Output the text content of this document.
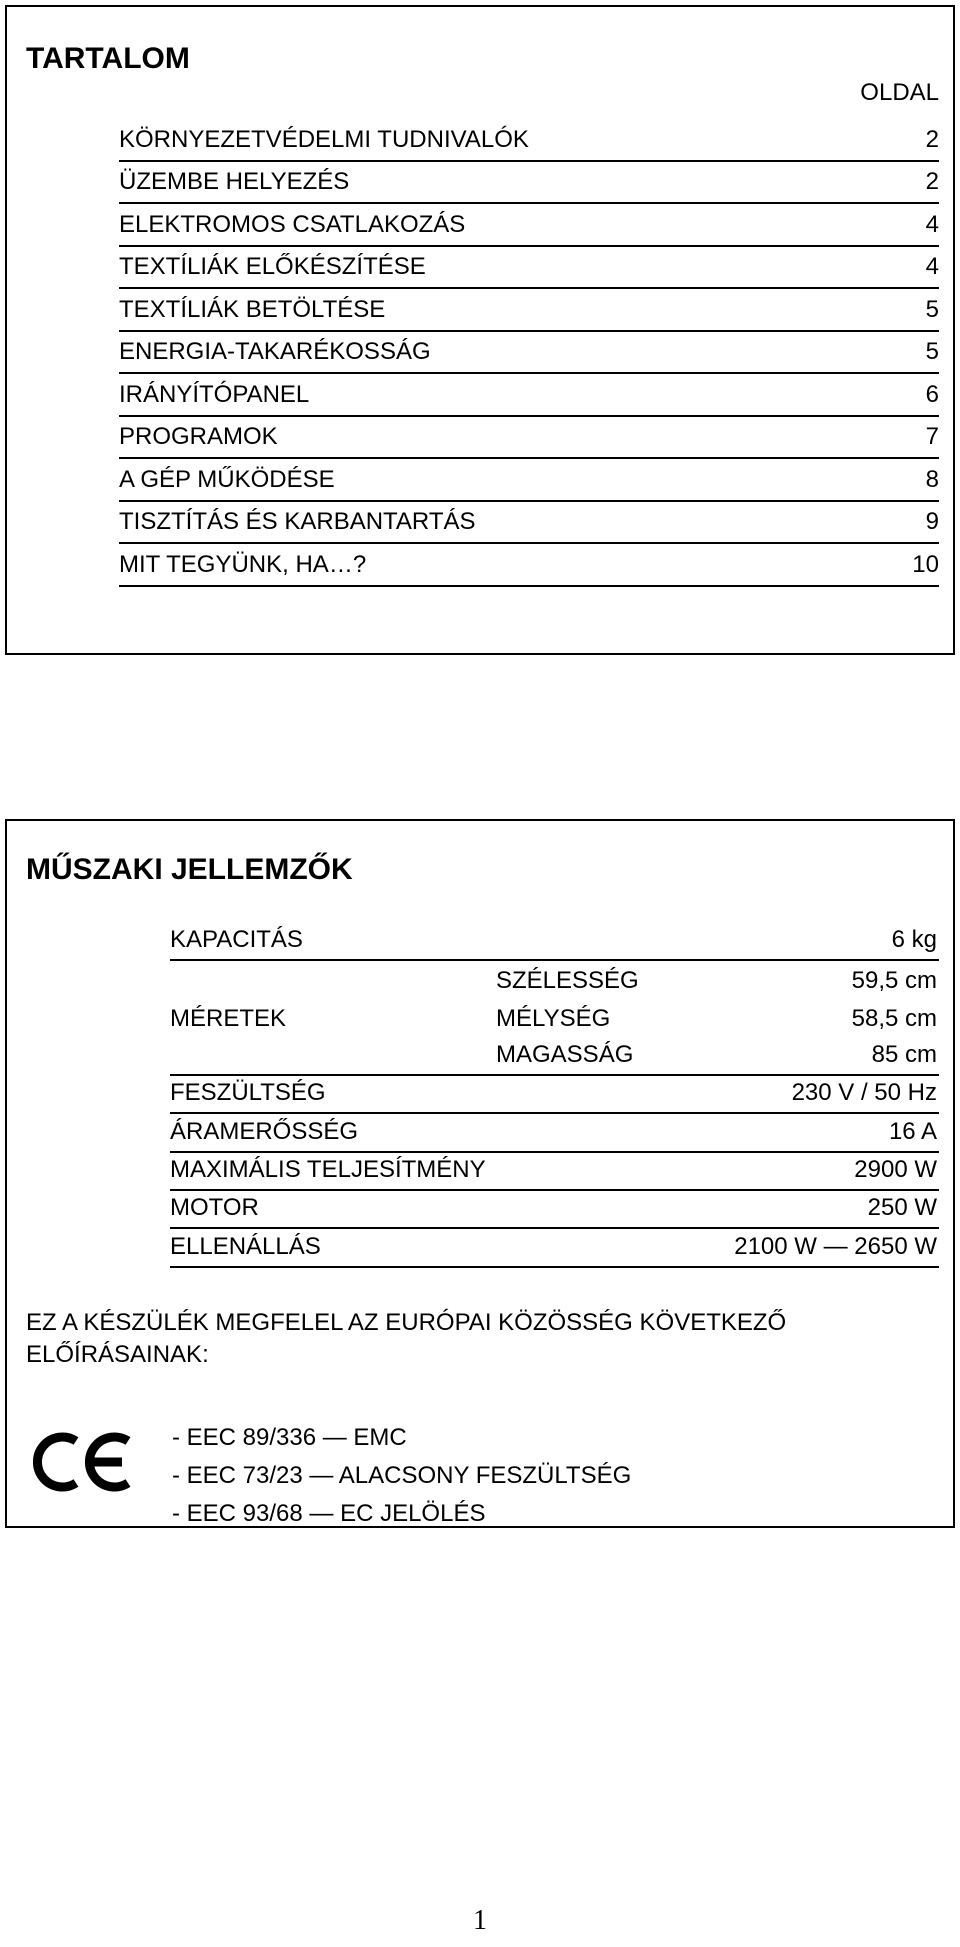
TARTALOM
OLDAL
KÖRNYEZETVÉDELMI TUDNIVALÓK	2
ÜZEMBE HELYEZÉS	2
ELEKTROMOS CSATLAKOZÁS	4
TEXTÍLIÁK ELŐKÉSZÍTÉSE	4
TEXTÍLIÁK BETÖLTÉSE	5
ENERGIA-TAKARÉKOSSÁG	5
IRÁNYÍTÓPANEL	6
PROGRAMOK	7
A GÉP MŰKÖDÉSE	8
TISZTÍTÁS ÉS KARBANTARTÁS	9
MIT TEGYÜNK, HA…?	10
MŰSZAKI JELLEMZŐK
KAPACITÁS	6 kg
SZÉLESSÉG	59,5 cm
MÉRETEK	MÉLYSÉG	58,5 cm
MAGASSÁG	85 cm
FESZÜLTSÉG	230 V / 50 Hz
ÁRAMERŐSSÉG	16 A
MAXIMÁLIS TELJESÍTMÉNY	2900 W
MOTOR	250 W
ELLENÁLLÁS	2100 W — 2650 W

EZ A KÉSZÜLÉK MEGFELEL AZ EURÓPAI KÖZÖSSÉG KÖVETKEZŐ ELŐÍRÁSAINAK:

- EEC 89/336 — EMC
- EEC 73/23 — ALACSONY FESZÜLTSÉG
- EEC 93/68 — EC JELÖLÉS
1
